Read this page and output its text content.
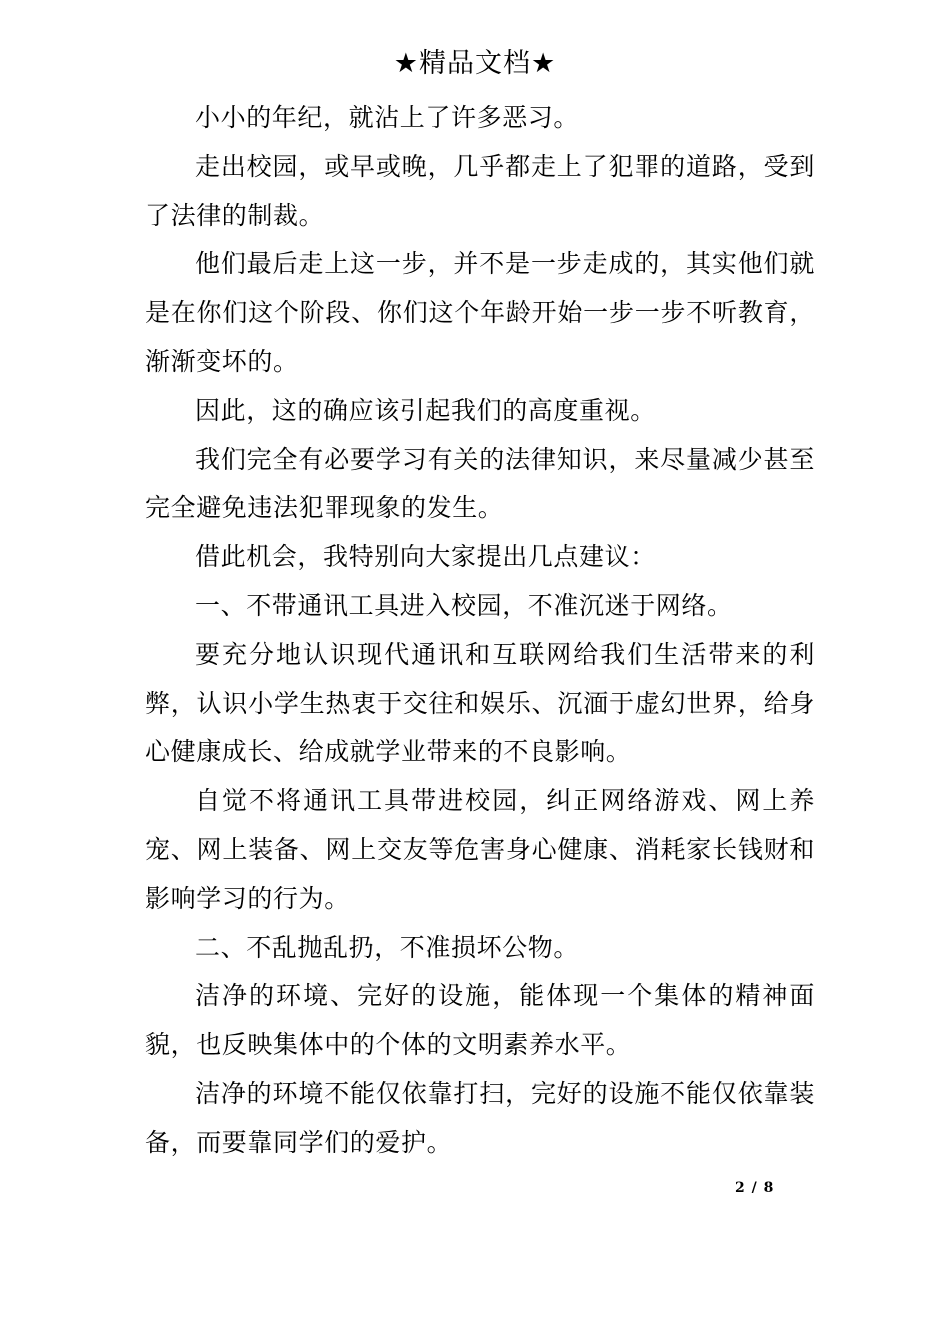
★精品文档★

小小的年纪，就沾上了许多恶习。

走出校园，或早或晚，几乎都走上了犯罪的道路，受到了法律的制裁。

他们最后走上这一步，并不是一步走成的，其实他们就是在你们这个阶段、你们这个年龄开始一步一步不听教育，渐渐变坏的。

因此，这的确应该引起我们的高度重视。

我们完全有必要学习有关的法律知识，来尽量减少甚至完全避免违法犯罪现象的发生。

借此机会，我特别向大家提出几点建议：

一、不带通讯工具进入校园，不准沉迷于网络。

要充分地认识现代通讯和互联网给我们生活带来的利弊，认识小学生热衷于交往和娱乐、沉湎于虚幻世界，给身心健康成长、给成就学业带来的不良影响。

自觉不将通讯工具带进校园，纠正网络游戏、网上养宠、网上装备、网上交友等危害身心健康、消耗家长钱财和影响学习的行为。

二、不乱抛乱扔，不准损坏公物。

洁净的环境、完好的设施，能体现一个集体的精神面貌，也反映集体中的个体的文明素养水平。

洁净的环境不能仅依靠打扫，完好的设施不能仅依靠装备，而要靠同学们的爱护。

2 / 8
